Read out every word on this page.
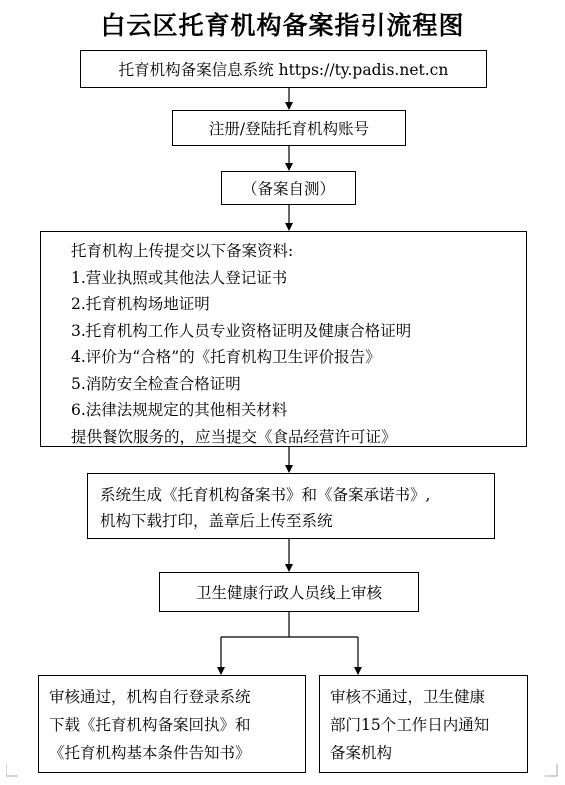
白云区托育机构备案指引流程图
托育机构备案信息系统 https://ty.padis.net.cn
注册/登陆托育机构账号
（备案自测）
托育机构上传提交以下备案资料:
1.营业执照或其他法人登记证书
2.托育机构场地证明
3.托育机构工作人员专业资格证明及健康合格证明
4.评价为“合格”的《托育机构卫生评价报告》
5.消防安全检查合格证明
6.法律法规规定的其他相关材料
提供餐饮服务的，应当提交《食品经营许可证》
系统生成《托育机构备案书》和《备案承诺书》,
机构下载打印，盖章后上传至系统
卫生健康行政人员线上审核
审核通过，机构自行登录系统
下载《托育机构备案回执》和
《托育机构基本条件告知书》
审核不通过，卫生健康
部门15个工作日内通知
备案机构
